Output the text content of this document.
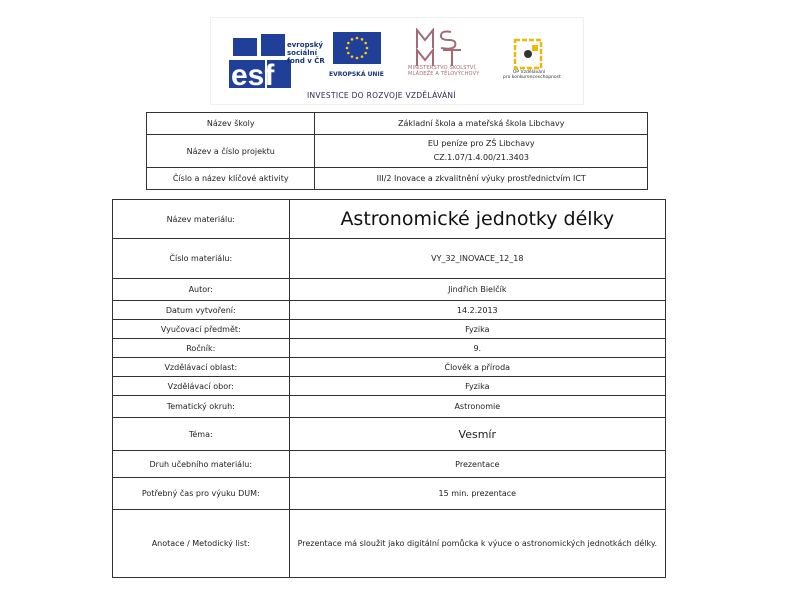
esf
evropský
sociální
fond v ČR
EVROPSKÁ UNIE
MINISTERSTVO ŠKOLSTVÍ,
MLÁDEŽE A TĚLOVÝCHOVY	OP Vzdělávání
pro konkurenceschopnost
INVESTICE DO ROZVOJE VZDĚLÁVÁNÍ
Název školy	Základní škola a mateřská škola Libchavy
Název a číslo projektu	EU peníze pro ZŠ Libchavy
CZ.1.07/1.4.00/21.3403

Číslo a název klíčové aktivity	III/2 Inovace a zkvalitnění výuky prostřednictvím ICT
Název materiálu:	Astronomické jednotky délky
Číslo materiálu:	VY_32_INOVACE_12_18
Autor:	Jindřich Bielčík
Datum vytvoření:	14.2.2013
Vyučovací předmět:	Fyzika
Ročník:	9.
Vzdělávací oblast:	Člověk a příroda
Vzdělávací obor:	Fyzika
Tematický okruh:	Astronomie
Téma:	Vesmír
Druh učebního materiálu:	Prezentace
Potřebný čas pro výuku DUM:	15 min. prezentace
Anotace / Metodický list:	Prezentace má sloužit jako digitální pomůcka k výuce o astronomických jednotkách délky.
